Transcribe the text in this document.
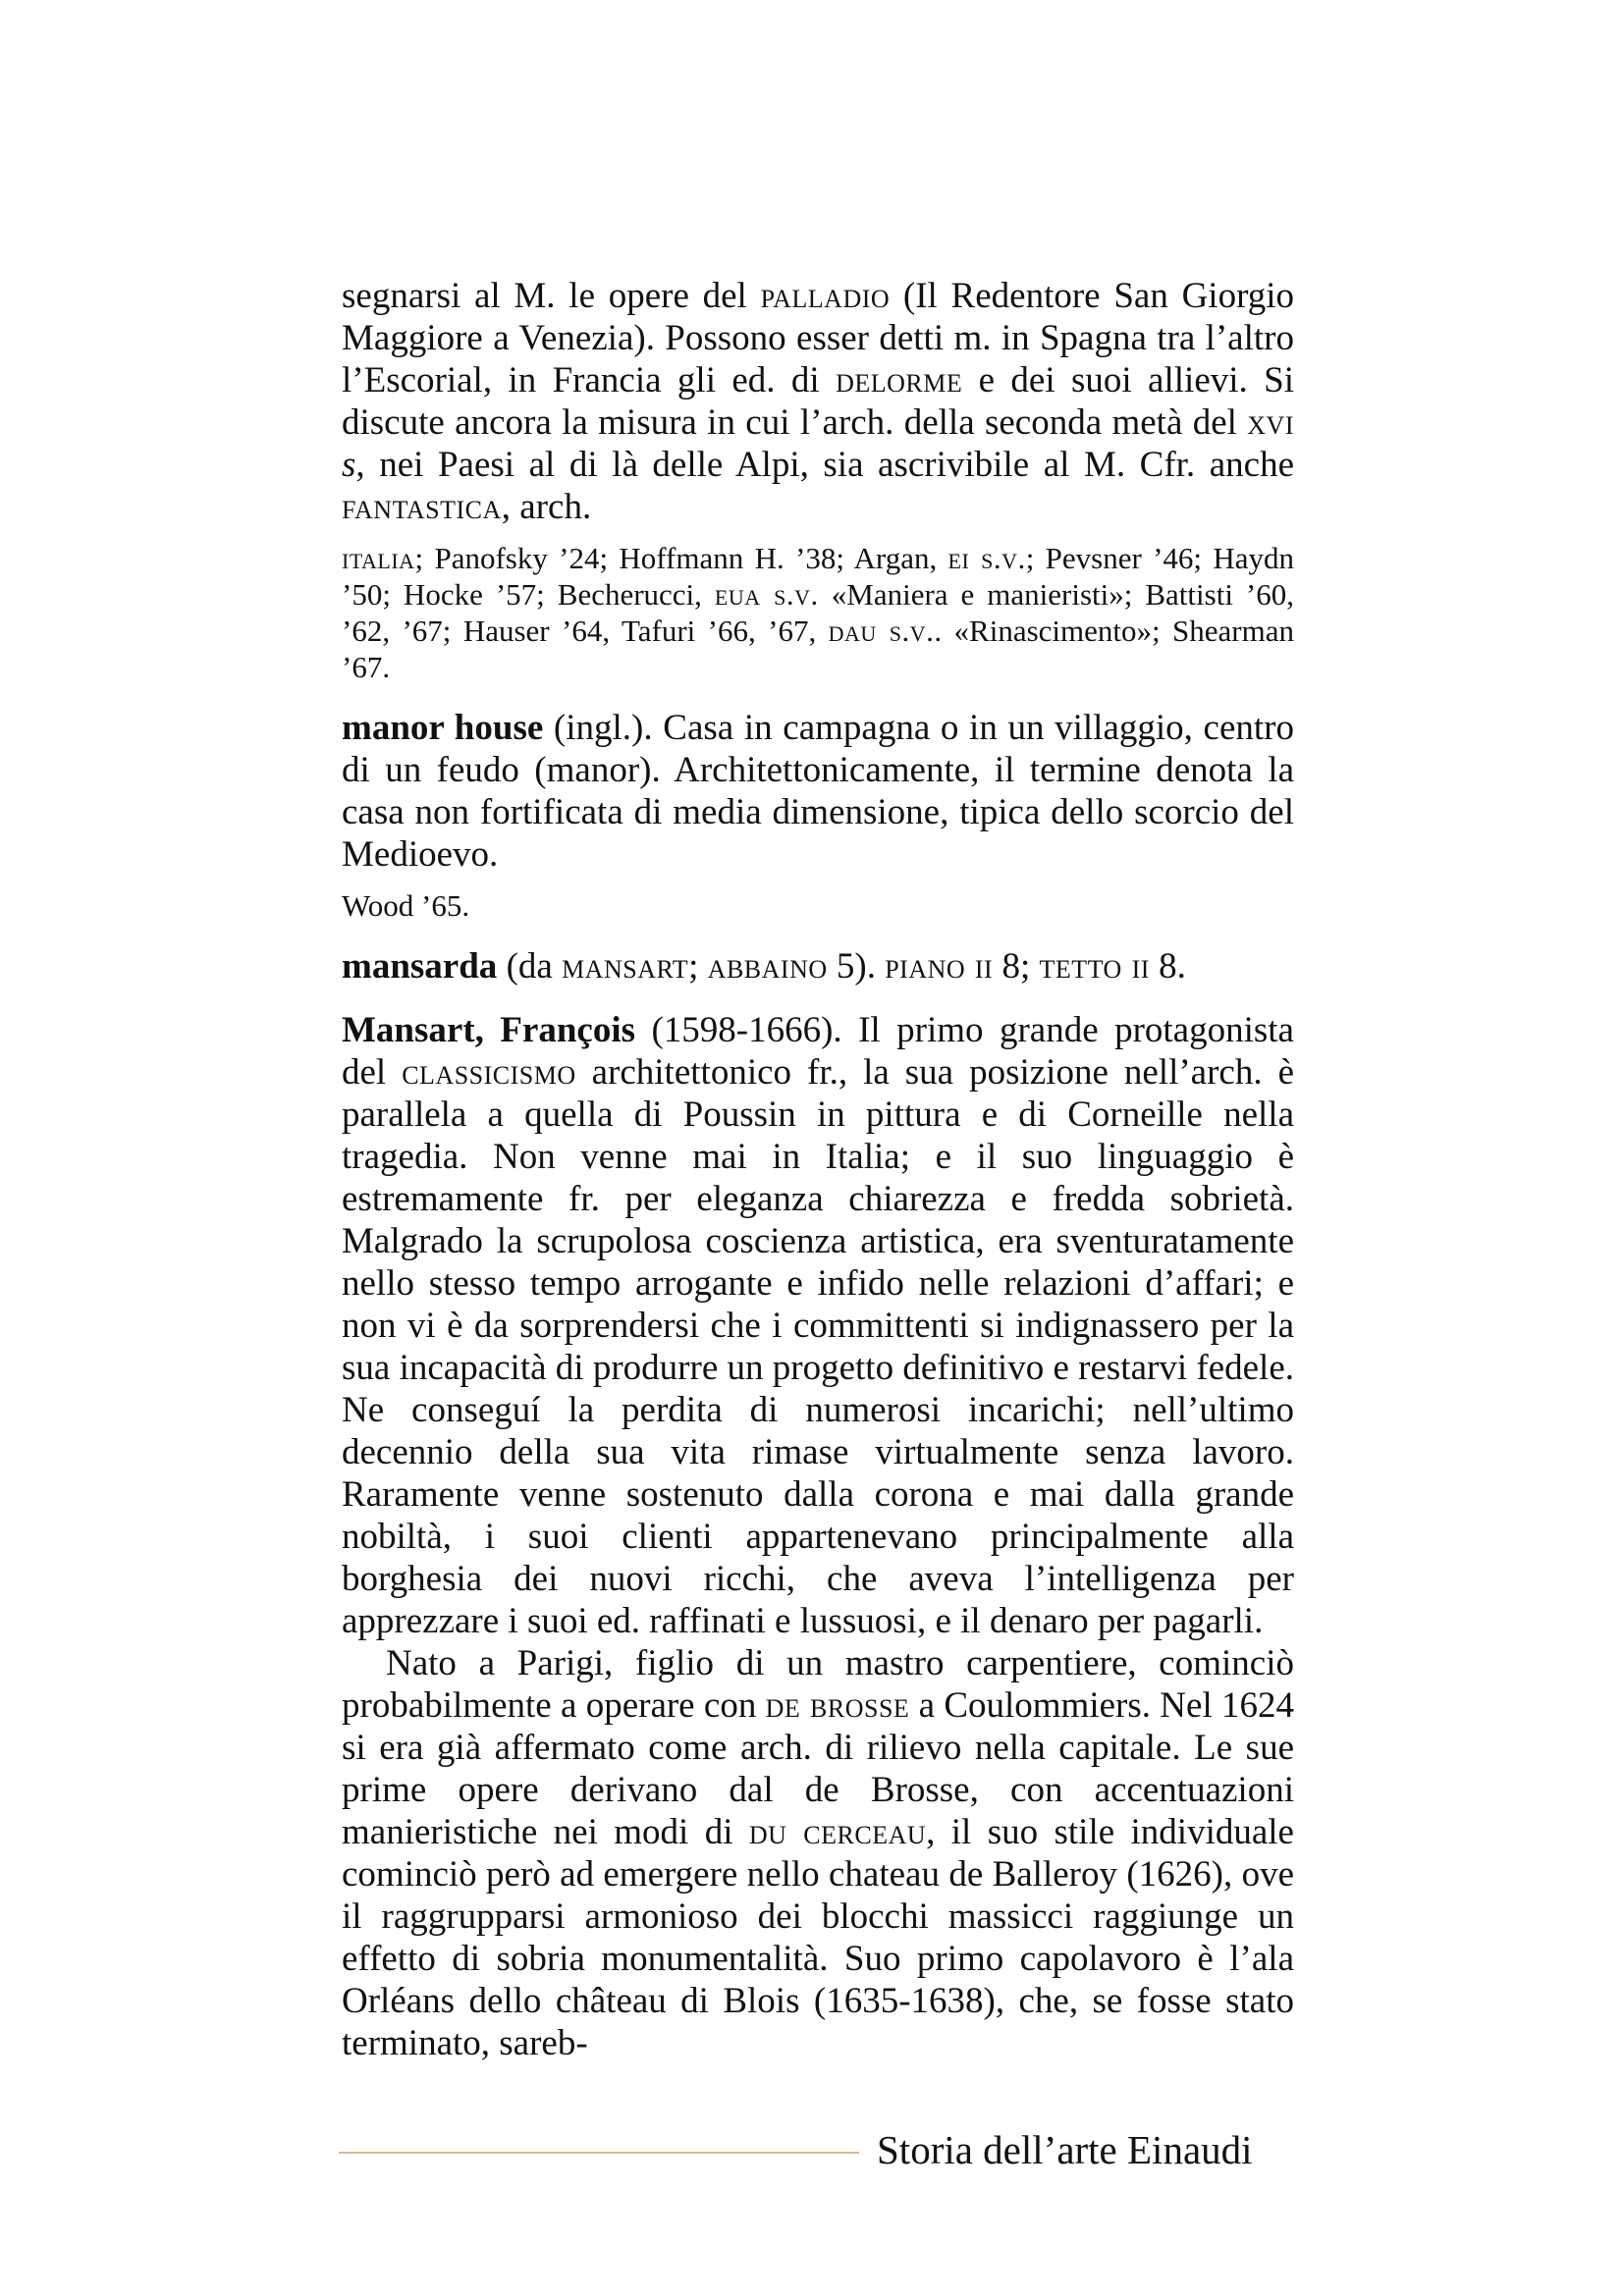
segnarsi al M. le opere del palladio (Il Redentore San Giorgio Maggiore a Venezia). Possono esser detti m. in Spagna tra l’altro l’Escorial, in Francia gli ed. di delorme e dei suoi allievi. Si discute ancora la misura in cui l’arch. della seconda metà del xvi s, nei Paesi al di là delle Alpi, sia ascrivibile al M. Cfr. anche fantastica, arch.

italia; Panofsky ’24; Hoffmann H. ’38; Argan, ei s.v.; Pevsner ’46; Haydn ’50; Hocke ’57; Becherucci, eua s.v. «Maniera e manieristi»; Battisti ’60, ’62, ’67; Hauser ’64, Tafuri ’66, ’67, dau s.v.. «Rinascimento»; Shearman ’67.

manor house (ingl.). Casa in campagna o in un villaggio, centro di un feudo (manor). Architettonicamente, il termine denota la casa non fortificata di media dimensione, tipica dello scorcio del Medioevo.

Wood ’65.

mansarda (da mansart; abbaino 5). piano ii 8; tetto ii 8.

Mansart, François (1598-1666). Il primo grande protagonista del classicismo architettonico fr., la sua posizione nell’arch. è parallela a quella di Poussin in pittura e di Corneille nella tragedia. Non venne mai in Italia; e il suo linguaggio è estremamente fr. per eleganza chiarezza e fredda sobrietà. Malgrado la scrupolosa coscienza artistica, era sventuratamente nello stesso tempo arrogante e infido nelle relazioni d’affari; e non vi è da sorprendersi che i committenti si indignassero per la sua incapacità di produrre un progetto definitivo e restarvi fedele. Ne conseguí la perdita di numerosi incarichi; nell’ultimo decennio della sua vita rimase virtualmente senza lavoro. Raramente venne sostenuto dalla corona e mai dalla grande nobiltà, i suoi clienti appartenevano principalmente alla borghesia dei nuovi ricchi, che aveva l’intelligenza per apprezzare i suoi ed. raffinati e lussuosi, e il denaro per pagarli.

Nato a Parigi, figlio di un mastro carpentiere, cominciò probabilmente a operare con de brosse a Coulommiers. Nel 1624 si era già affermato come arch. di rilievo nella capitale. Le sue prime opere derivano dal de Brosse, con accentuazioni manieristiche nei modi di du cerceau, il suo stile individuale cominciò però ad emergere nello chateau de Balleroy (1626), ove il raggrupparsi armonioso dei blocchi massicci raggiunge un effetto di sobria monumentalità. Suo primo capolavoro è l’ala Orléans dello château di Blois (1635-1638), che, se fosse stato terminato, sareb-

Storia dell’arte Einaudi
